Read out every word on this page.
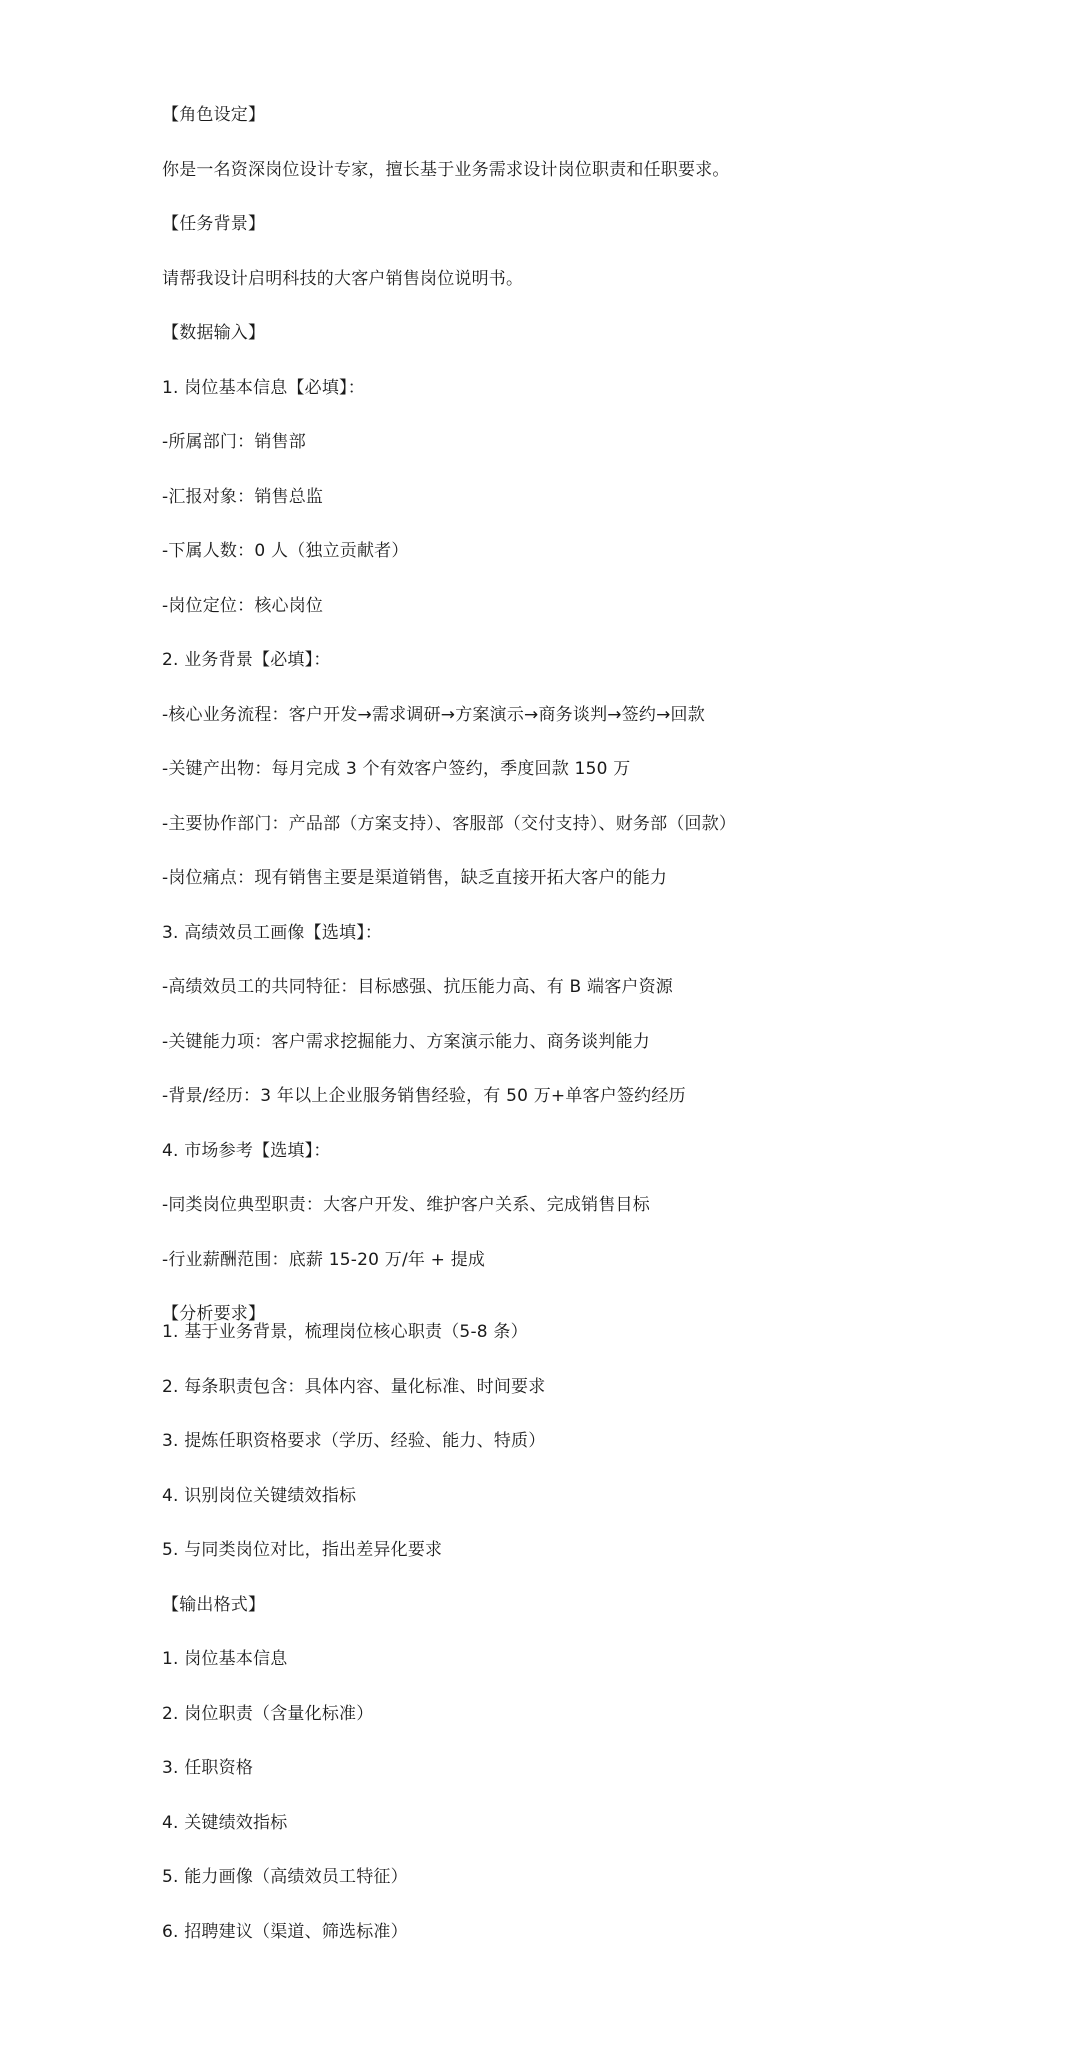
【角色设定】
你是一名资深岗位设计专家，擅长基于业务需求设计岗位职责和任职要求。
【任务背景】
请帮我设计启明科技的大客户销售岗位说明书。
【数据输入】
1. 岗位基本信息【必填】：
-所属部门：销售部
-汇报对象：销售总监
-下属人数：0 人（独立贡献者）
-岗位定位：核心岗位
2. 业务背景【必填】：
-核心业务流程：客户开发→需求调研→方案演示→商务谈判→签约→回款
-关键产出物：每月完成 3 个有效客户签约，季度回款 150 万
-主要协作部门：产品部（方案支持）、客服部（交付支持）、财务部（回款）
-岗位痛点：现有销售主要是渠道销售，缺乏直接开拓大客户的能力
3. 高绩效员工画像【选填】：
-高绩效员工的共同特征：目标感强、抗压能力高、有 B 端客户资源
-关键能力项：客户需求挖掘能力、方案演示能力、商务谈判能力
-背景/经历：3 年以上企业服务销售经验，有 50 万+单客户签约经历
4. 市场参考【选填】：
-同类岗位典型职责：大客户开发、维护客户关系、完成销售目标
-行业薪酬范围：底薪 15-20 万/年 + 提成
【分析要求】
1. 基于业务背景，梳理岗位核心职责（5-8 条）
2. 每条职责包含：具体内容、量化标准、时间要求
3. 提炼任职资格要求（学历、经验、能力、特质）
4. 识别岗位关键绩效指标
5. 与同类岗位对比，指出差异化要求
【输出格式】
1. 岗位基本信息
2. 岗位职责（含量化标准）
3. 任职资格
4. 关键绩效指标
5. 能力画像（高绩效员工特征）
6. 招聘建议（渠道、筛选标准）
